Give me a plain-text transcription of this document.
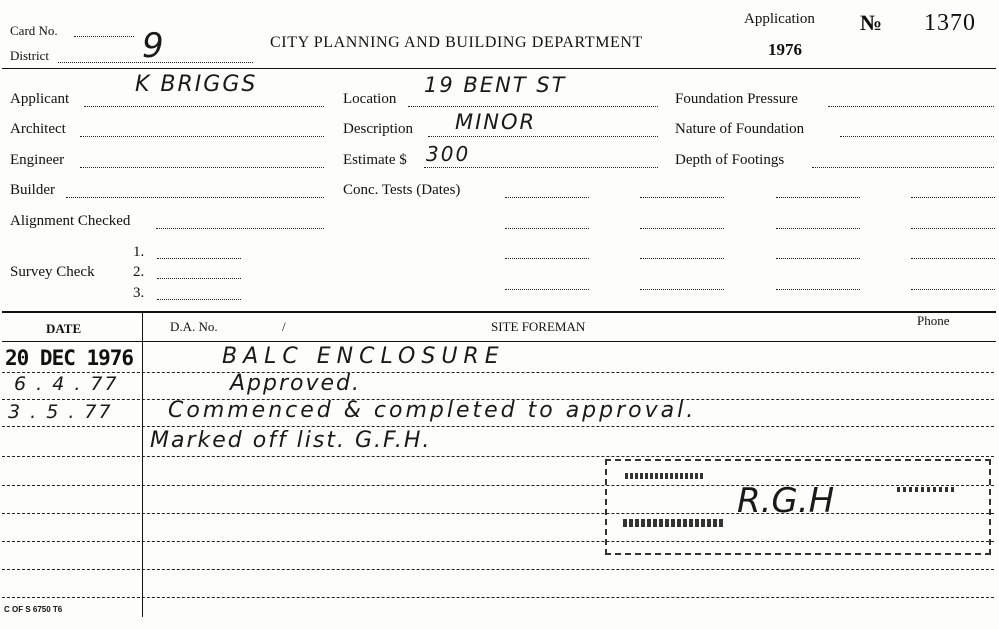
Card No.
District	9	CITY PLANNING AND BUILDING DEPARTMENT
Application
1976
№ 1370
Applicant
K BRIGGS
Architect
Engineer
Builder
Alignment Checked
Survey Check
1.
2.
3.
Location
19 BENT ST
Description MINOR
Estimate $ 300
Conc. Tests (Dates)
Foundation Pressure
Nature of Foundation
Depth of Footings
DATE	D.A. No.	/	SITE FOREMAN	Phone
20 DEC 1976	BALC ENCLOSURE
6 . 4 . 77	Approved.
3 . 5 . 77	Commenced & completed to approval.
Marked off list. G.F.H.
R.G.H
C OF S 6750 T6
